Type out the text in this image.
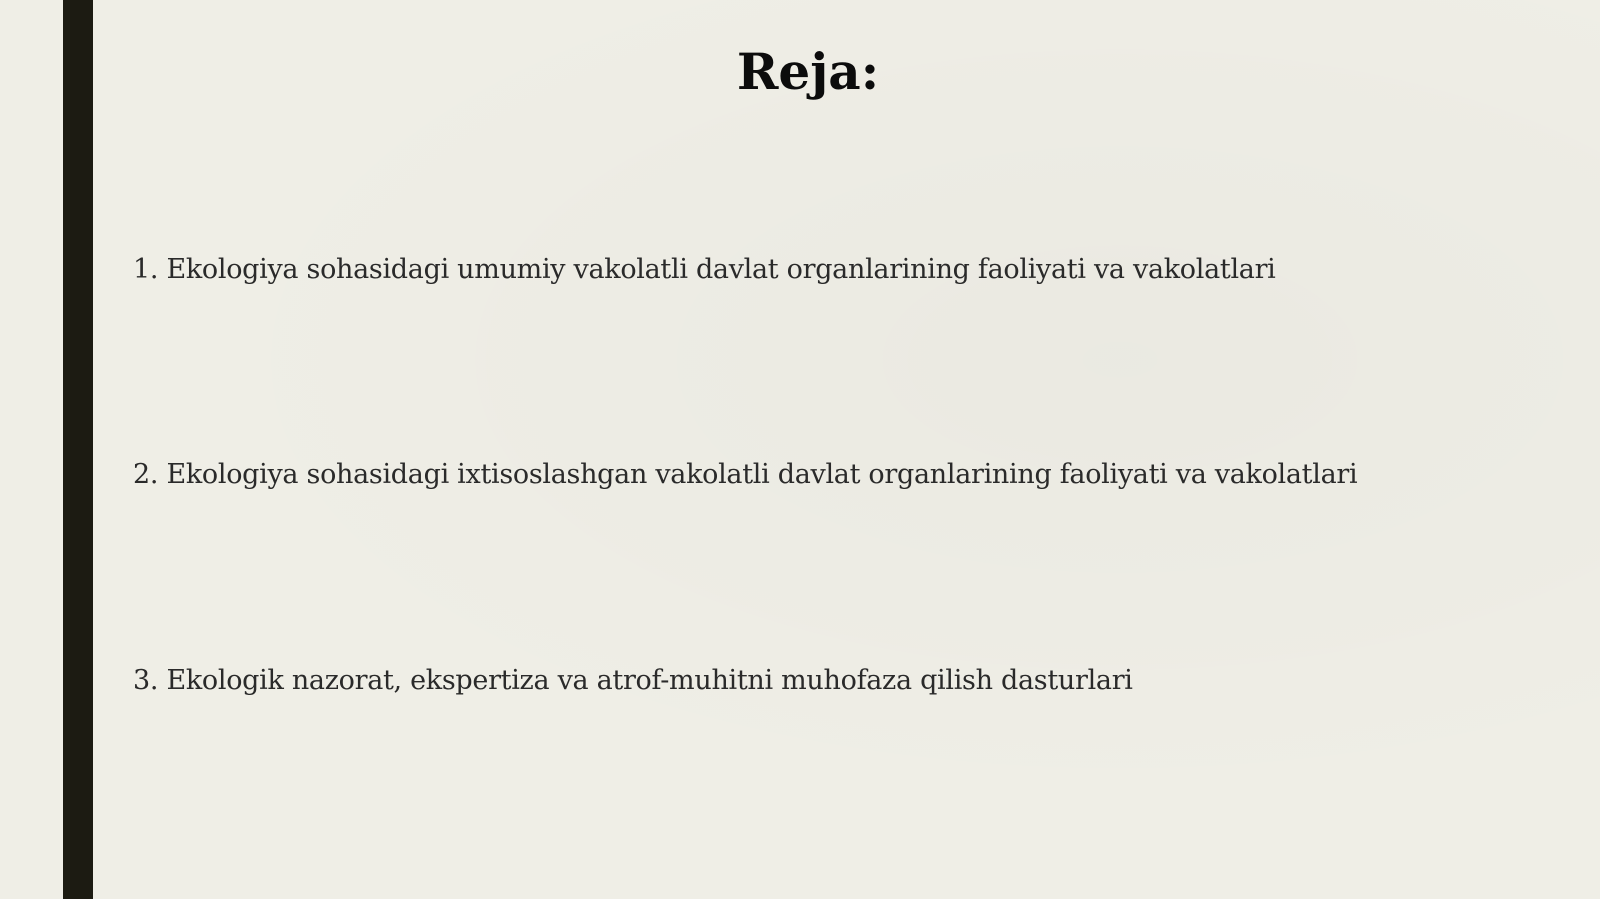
Reja:
1. Ekologiya sohasidagi umumiy vakolatli davlat organlarining faoliyati va vakolatlari
2. Ekologiya sohasidagi ixtisoslashgan vakolatli davlat organlarining faoliyati va vakolatlari
3. Ekologik nazorat, ekspertiza va atrof-muhitni muhofaza qilish dasturlari
